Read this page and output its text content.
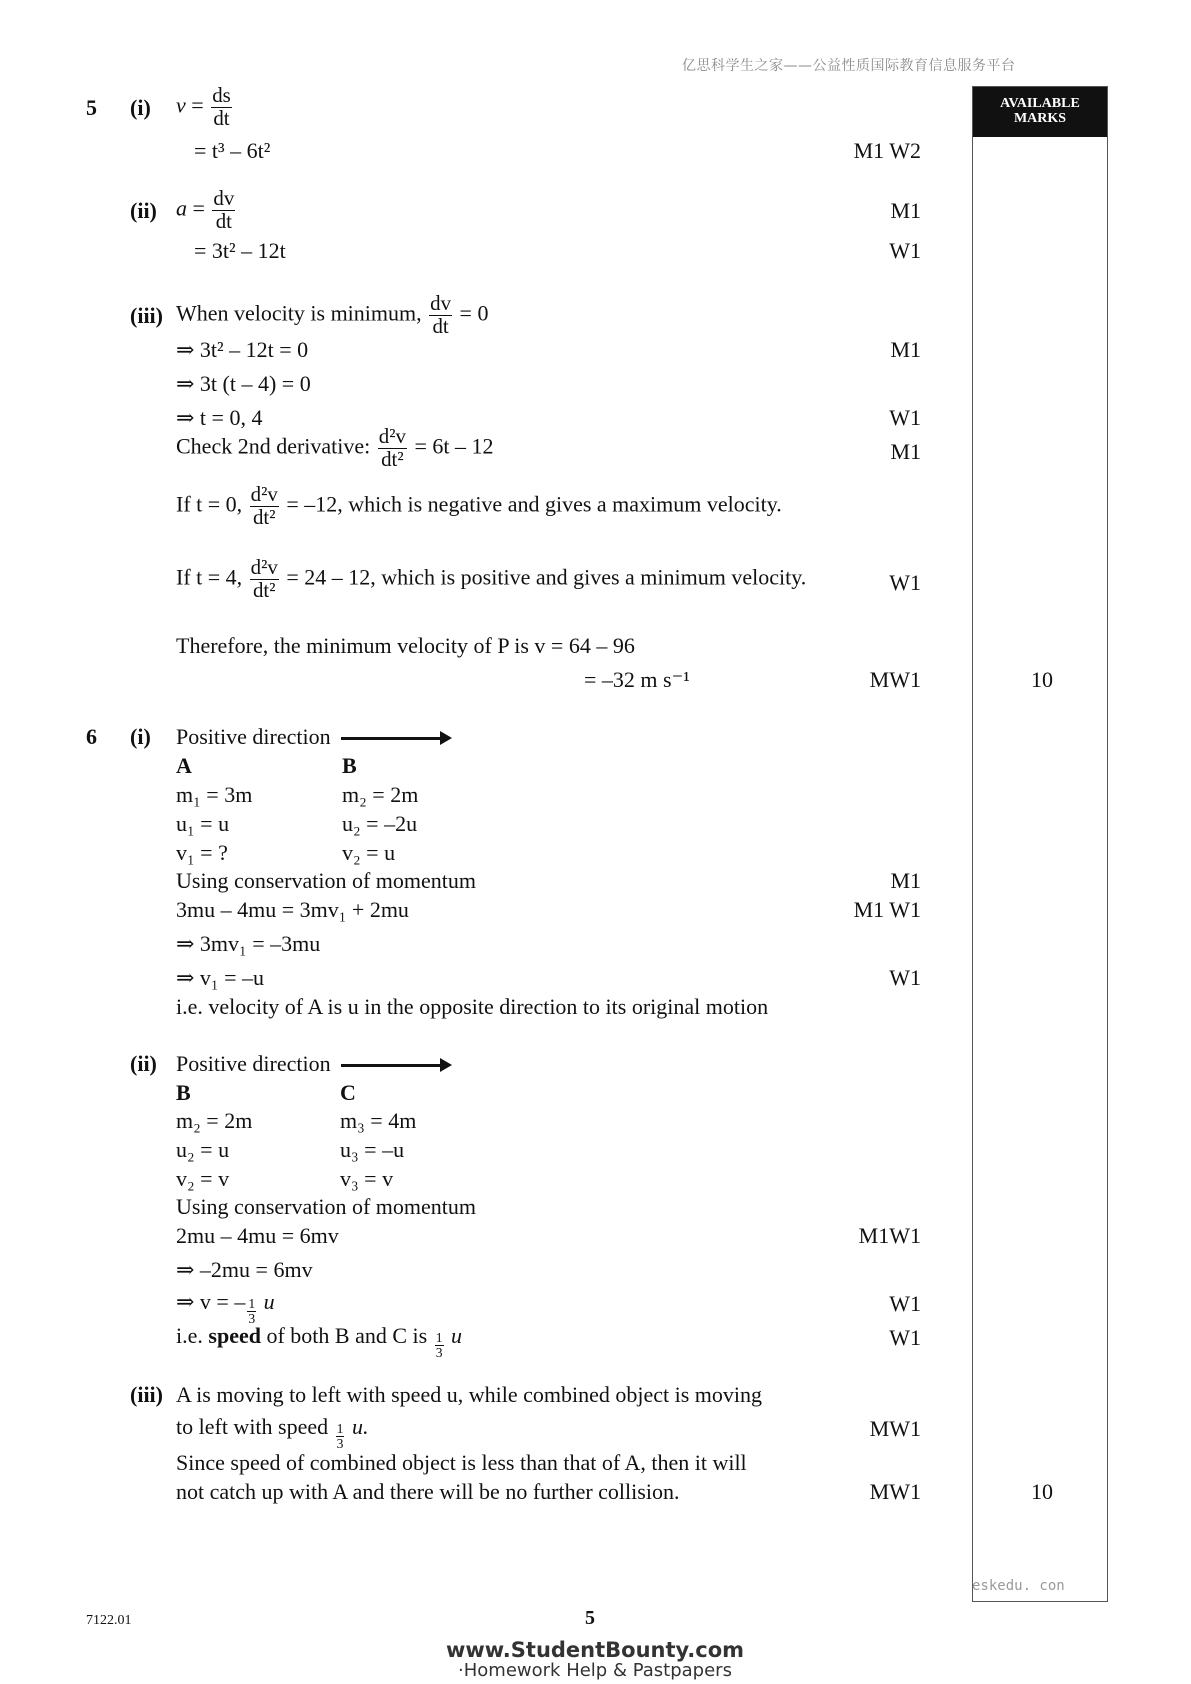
亿思科学生之家——公益性质国际教育信息服务平台
AVAILABLE
MARKS
5 (i) $v = \frac{ds}{dt}$
= t³ – 6t²	M1 W2
(ii) $a = \frac{dv}{dt}$	M1
= 3t² – 12t	W1
(iii) When velocity is minimum, $\frac{dv}{dt} = 0$
⇒ 3t² – 12t = 0	M1
⇒ 3t (t – 4) = 0
⇒ t = 0, 4	W1
Check 2nd derivative: $\frac{\text{d²v}}{\text{dt²}} = 6t - 12$	M1
If t = 0, $\frac{\text{d²v}}{\text{dt²}} = -12$, which is negative and gives a maximum velocity.
If t = 4, $\frac{\text{d²v}}{\text{dt²}} = 24 - 12$, which is positive and gives a minimum velocity.	W1
Therefore, the minimum velocity of P is v = 64 – 96
= –32 m s⁻¹	MW1	10
6 (i) Positive direction
A	B
m₁ = 3m	m₂ = 2m
u₁ = u	u₂ = –2u
v₁ = ?	v₂ = u
Using conservation of momentum	M1
3mu – 4mu = 3mv₁ + 2mu	M1 W1
⇒ 3mv₁ = –3mu
⇒ v₁ = –u	W1
i.e. velocity of A is u in the opposite direction to its original motion
(ii) Positive direction
B	C
m₂ = 2m	m₃ = 4m
u₂ = u	u₃ = –u
v₂ = v	v₃ = v
Using conservation of momentum
2mu – 4mu = 6mv	M1W1
⇒ –2mu = 6mv
⇒ v = – $\frac{1}{3}$ u	W1
i.e. speed of both B and C is $\frac{1}{3}$ u	W1
(iii) A is moving to left with speed u, while combined object is moving
to left with speed $\frac{1}{3} u$.	MW1
Since speed of combined object is less than that of A, then it will
not catch up with A and there will be no further collision.	MW1	10
eskedu. con
7122.01	5
www.StudentBounty.com
·Homework Help & Pastpapers
